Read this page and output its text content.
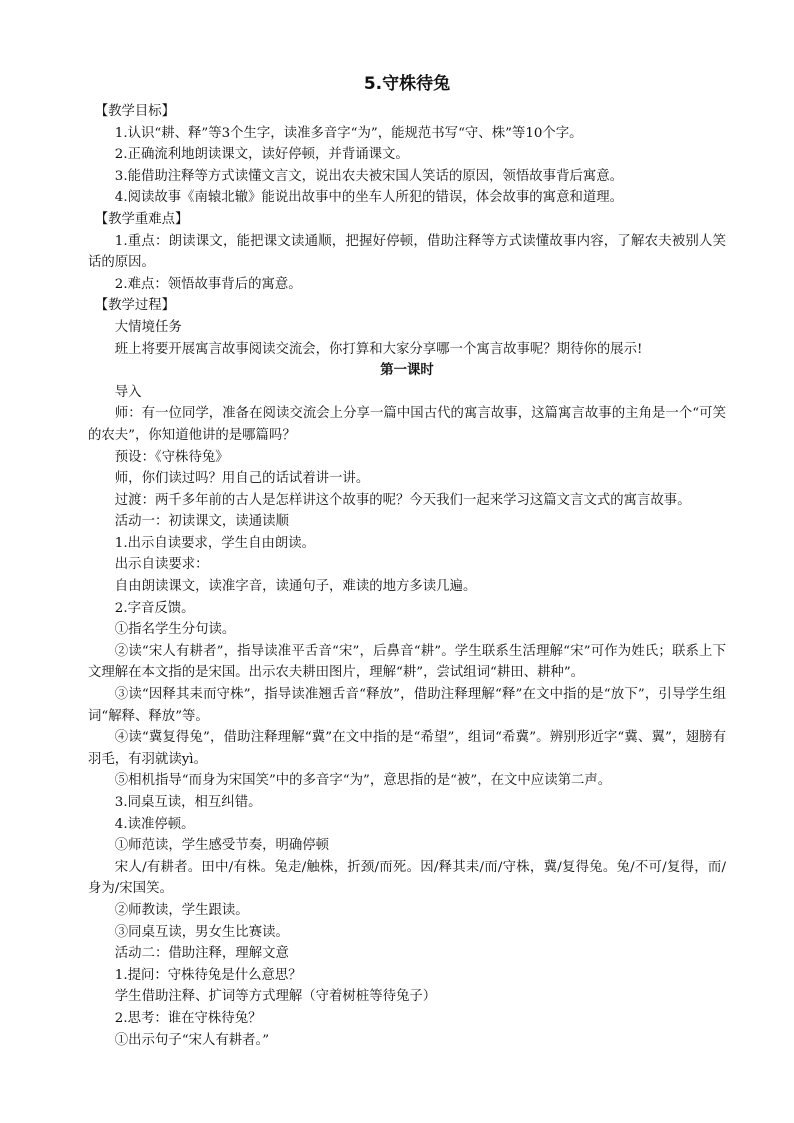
5.守株待兔

【教学目标】

1.认识“耕、释”等3个生字，读准多音字“为”，能规范书写“守、株”等10个字。

2.正确流利地朗读课文，读好停顿，并背诵课文。

3.能借助注释等方式读懂文言文，说出农夫被宋国人笑话的原因，领悟故事背后寓意。

4.阅读故事《南辕北辙》能说出故事中的坐车人所犯的错误，体会故事的寓意和道理。

【教学重难点】

1.重点：朗读课文，能把课文读通顺，把握好停顿，借助注释等方式读懂故事内容，了解农夫被别人笑话的原因。

2.难点：领悟故事背后的寓意。

【教学过程】

大情境任务

班上将要开展寓言故事阅读交流会，你打算和大家分享哪一个寓言故事呢？期待你的展示!

第一课时

导入

师：有一位同学，准备在阅读交流会上分享一篇中国古代的寓言故事，这篇寓言故事的主角是一个“可笑的农夫”，你知道他讲的是哪篇吗？

预设：《守株待兔》

师，你们读过吗？用自己的话试着讲一讲。

过渡：两千多年前的古人是怎样讲这个故事的呢？今天我们一起来学习这篇文言文式的寓言故事。

活动一：初读课文，读通读顺

1.出示自读要求，学生自由朗读。

出示自读要求：

自由朗读课文，读准字音，读通句子，难读的地方多读几遍。

2.字音反馈。

①指名学生分句读。

②读“宋人有耕者”，指导读准平舌音“宋”，后鼻音“耕”。学生联系生活理解“宋”可作为姓氏；联系上下文理解在本文指的是宋国。出示农夫耕田图片，理解“耕”，尝试组词“耕田、耕种”。

③读“因释其耒而守株”，指导读准翘舌音“释放”，借助注释理解“释”在文中指的是“放下”，引导学生组词“解释、释放”等。

④读“冀复得兔”，借助注释理解“冀”在文中指的是“希望”，组词“希冀”。辨别形近字“冀、翼”，翅膀有羽毛，有羽就读yì。

⑤相机指导“而身为宋国笑”中的多音字“为”，意思指的是“被”，在文中应读第二声。

3.同桌互读，相互纠错。

4.读准停顿。

①师范读，学生感受节奏，明确停顿

宋人/有耕者。田中/有株。兔走/触株，折颈/而死。因/释其耒/而/守株，冀/复得兔。兔/不可/复得，而/身为/宋国笑。

②师教读，学生跟读。

③同桌互读，男女生比赛读。

活动二：借助注释，理解文意

1.提问：守株待兔是什么意思？

学生借助注释、扩词等方式理解（守着树桩等待兔子）

2.思考：谁在守株待兔？

①出示句子“宋人有耕者。”
